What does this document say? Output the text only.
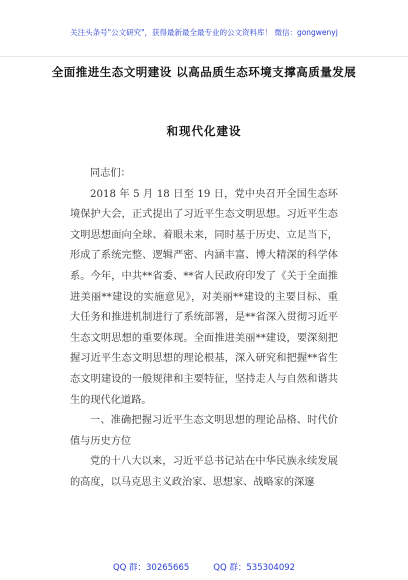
关注头条号"公文研究"，获得最新最全最专业的公文资料库！ 微信：gongwenyj
全面推进生态文明建设 以高品质生态环境支撑高质量发展
和现代化建设

同志们：

2018 年 5 月 18 日至 19 日，党中央召开全国生态环境保护大会，正式提出了习近平生态文明思想。习近平生态文明思想面向全球、着眼未来，同时基于历史、立足当下，形成了系统完整、逻辑严密、内涵丰富、博大精深的科学体系。今年，中共**省委、**省人民政府印发了《关于全面推进美丽**建设的实施意见》，对美丽**建设的主要目标、重大任务和推进机制进行了系统部署，是**省深入贯彻习近平生态文明思想的重要体现。全面推进美丽**建设，要深刻把握习近平生态文明思想的理论根基，深入研究和把握**省生态文明建设的一般规律和主要特征，坚持走人与自然和谐共生的现代化道路。

一、准确把握习近平生态文明思想的理论品格、时代价值与历史方位

党的十八大以来，习近平总书记站在中华民族永续发展的高度，以马克思主义政治家、思想家、战略家的深邃

QQ 群：30265665	QQ 群：535304092
